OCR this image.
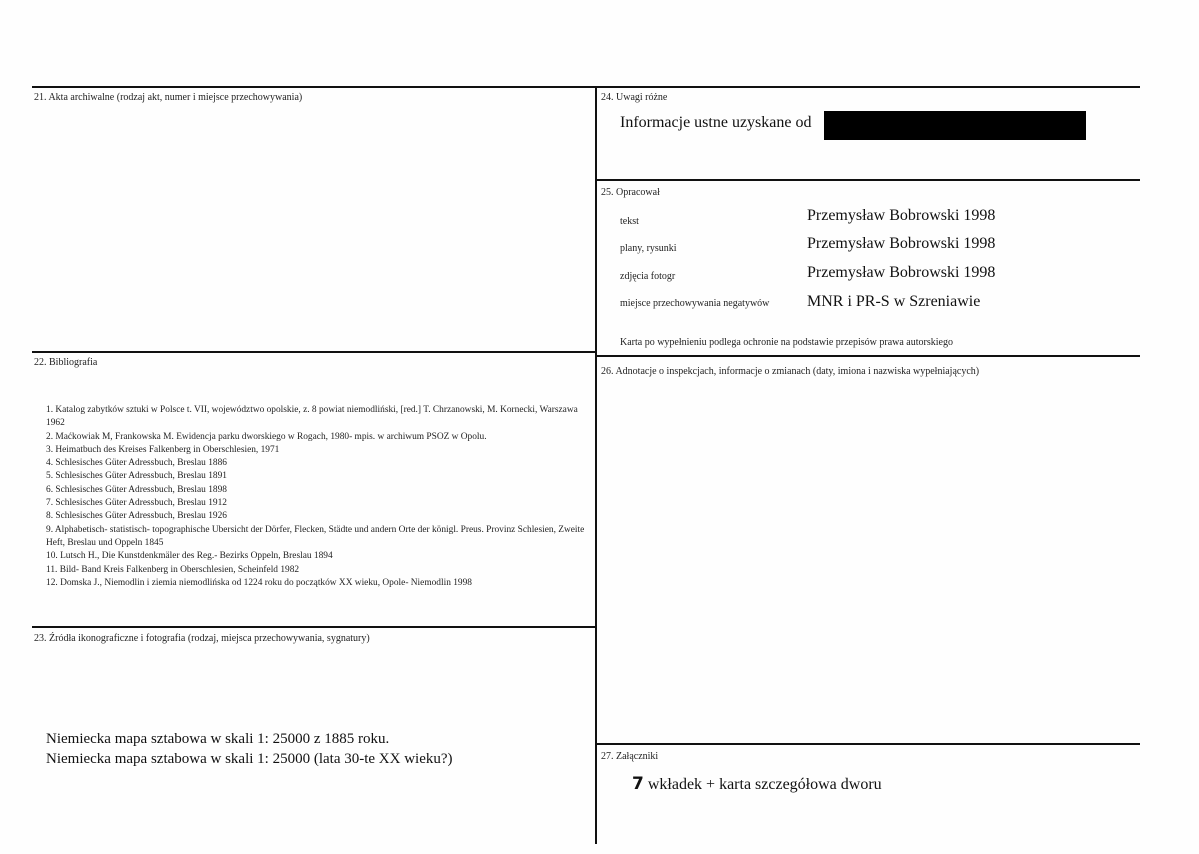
21. Akta archiwalne (rodzaj akt, numer i miejsce przechowywania)
22. Bibliografia
1. Katalog zabytków sztuki w Polsce t. VII, województwo opolskie, z. 8 powiat niemodliński, [red.] T. Chrzanowski, M. Kornecki, Warszawa 1962
2. Maćkowiak M, Frankowska M. Ewidencja parku dworskiego w Rogach, 1980- mpis. w archiwum PSOZ w Opolu.
3. Heimatbuch des Kreises Falkenberg in Oberschlesien, 1971
4. Schlesisches Güter Adressbuch, Breslau 1886
5. Schlesisches Güter Adressbuch, Breslau 1891
6. Schlesisches Güter Adressbuch, Breslau 1898
7. Schlesisches Güter Adressbuch, Breslau 1912
8. Schlesisches Güter Adressbuch, Breslau 1926
9. Alphabetisch- statistisch- topographische Ubersicht der Dörfer, Flecken, Städte und andern Orte der königl. Preus. Provinz Schlesien, Zweite Heft, Breslau und Oppeln 1845
10. Lutsch H., Die Kunstdenkmäler des Reg.- Bezirks Oppeln, Breslau 1894
11. Bild- Band Kreis Falkenberg in Oberschlesien, Scheinfeld 1982
12. Domska J., Niemodlin i ziemia niemodlińska od 1224 roku do początków XX wieku, Opole- Niemodlin 1998
23. Źródła ikonograficzne i fotografia (rodzaj, miejsca przechowywania, sygnatury)
Niemiecka mapa sztabowa w skali 1: 25000 z 1885 roku.
Niemiecka mapa sztabowa w skali 1: 25000 (lata 30-te XX wieku?)
24. Uwagi różne
Informacje ustne uzyskane od
25. Opracował
tekst	Przemysław Bobrowski 1998
plany, rysunki	Przemysław Bobrowski 1998
zdjęcia fotogr	Przemysław Bobrowski 1998
miejsce przechowywania negatywów MNR i PR-S w Szreniawie
Karta po wypełnieniu podlega ochronie na podstawie przepisów prawa autorskiego
26. Adnotacje o inspekcjach, informacje o zmianach (daty, imiona i nazwiska wypełniających)
27. Załączniki
7 wkładek + karta szczegółowa dworu
